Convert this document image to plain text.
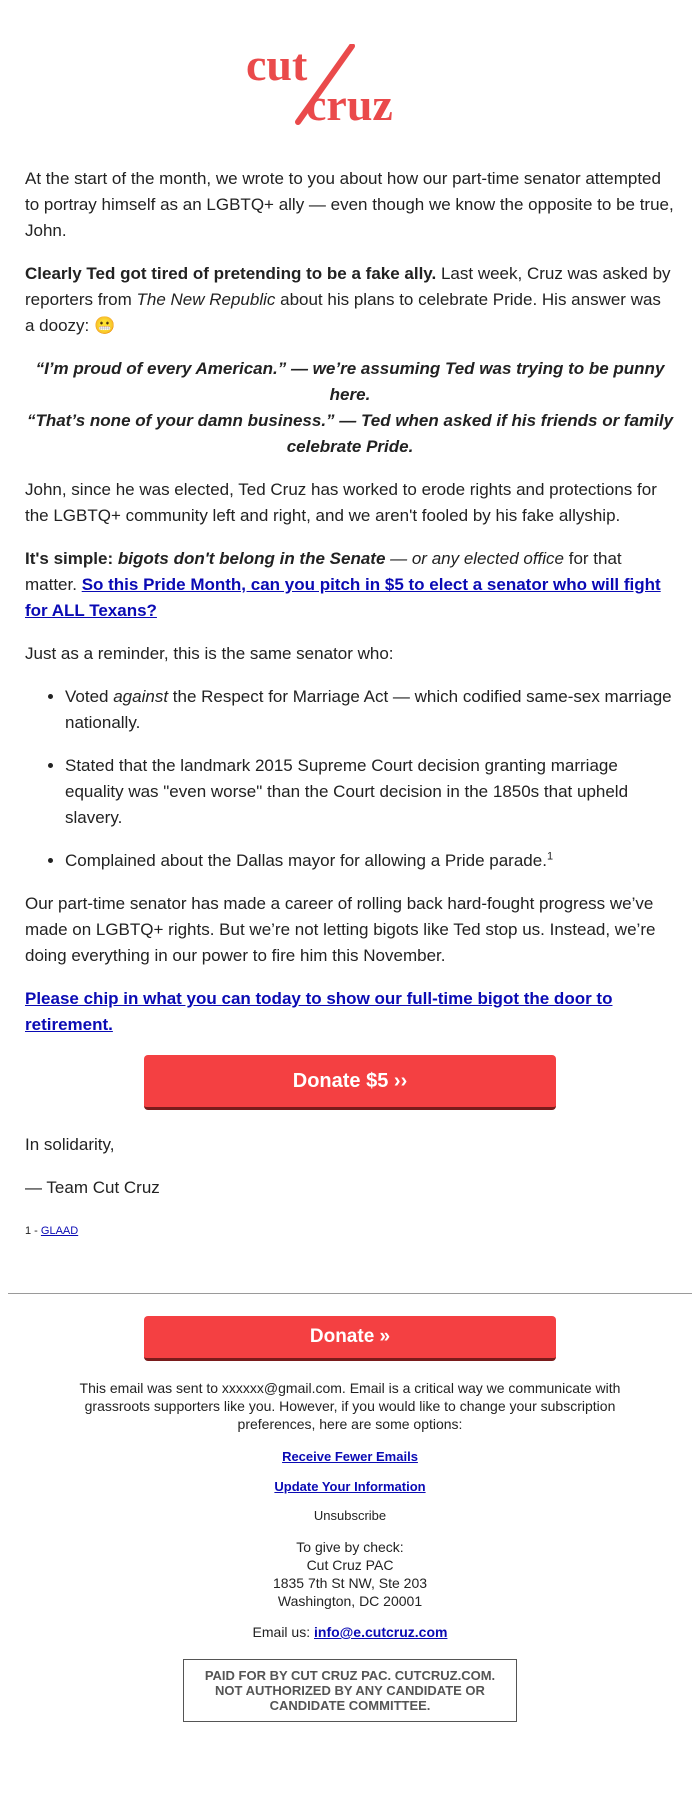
cut
cruz

At the start of the month, we wrote to you about how our part-time senator attempted to portray himself as an LGBTQ+ ally — even though we know the opposite to be true, John.

Clearly Ted got tired of pretending to be a fake ally. Last week, Cruz was asked by reporters from The New Republic about his plans to celebrate Pride. His answer was a doozy: 😬

“I’m proud of every American.” — we’re assuming Ted was trying to be punny here.
“That’s none of your damn business.” — Ted when asked if his friends or family celebrate Pride.

John, since he was elected, Ted Cruz has worked to erode rights and protections for the LGBTQ+ community left and right, and we aren't fooled by his fake allyship.

It's simple: bigots don't belong in the Senate — or any elected office for that matter. So this Pride Month, can you pitch in $5 to elect a senator who will fight for ALL Texans?

Just as a reminder, this is the same senator who:

• Voted against the Respect for Marriage Act — which codified same-sex marriage nationally.
• Stated that the landmark 2015 Supreme Court decision granting marriage equality was "even worse" than the Court decision in the 1850s that upheld slavery.
• Complained about the Dallas mayor for allowing a Pride parade.$^1$

Our part-time senator has made a career of rolling back hard-fought progress we’ve made on LGBTQ+ rights. But we’re not letting bigots like Ted stop us. Instead, we’re doing everything in our power to fire him this November.

Please chip in what you can today to show our full-time bigot the door to retirement.

Donate $5 ››

In solidarity,

— Team Cut Cruz

1 - GLAAD
Donate »

This email was sent to xxxxxx@gmail.com. Email is a critical way we communicate with grassroots supporters like you. However, if you would like to change your subscription preferences, here are some options:

Receive Fewer Emails

Update Your Information

Unsubscribe

To give by check:

Cut Cruz PAC

1835 7th St NW, Ste 203

Washington, DC 20001

Email us: info@e.cutcruz.com

PAID FOR BY CUT CRUZ PAC. CUTCRUZ.COM. NOT AUTHORIZED BY ANY CANDIDATE OR CANDIDATE COMMITTEE.
